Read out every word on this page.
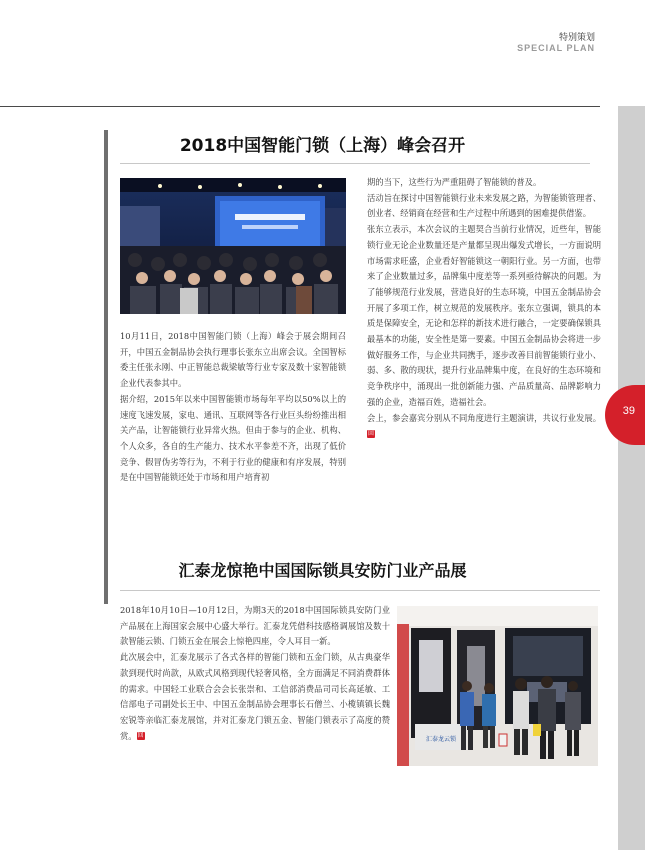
特别策划
SPECIAL PLAN
39
2018中国智能门锁（上海）峰会召开

10月11日，2018中国智能门锁（上海）峰会于展会期间召开，中国五金制品协会执行理事长张东立出席会议。全国智标委主任张永刚、中正智能总裁梁敏等行业专家及数十家智能锁企业代表参其中。

据介绍，2015年以来中国智能锁市场每年平均以50%以上的速度飞速发展，家电、通讯、互联网等各行业巨头纷纷推出相关产品，让智能锁行业异常火热。但由于参与的企业、机构、个人众多，各自的生产能力、技术水平参差不齐，出现了低价竞争、假冒伪劣等行为，不利于行业的健康和有序发展，特别是在中国智能锁还处于市场和用户培育初

期的当下，这些行为严重阻碍了智能锁的普及。

活动旨在探讨中国智能锁行业未来发展之路，为智能锁管理者、创业者、经销商在经营和生产过程中所遇到的困难提供借鉴。

张东立表示，本次会议的主题契合当前行业情况，近些年，智能锁行业无论企业数量还是产量都呈现出爆发式增长，一方面说明市场需求旺盛，企业看好智能锁这一朝阳行业。另一方面，也带来了企业数量过多，品牌集中度差等一系列亟待解决的问题。为了能够规范行业发展，营造良好的生态环境，中国五金制品协会开展了多项工作，树立规范的发展秩序。张东立强调，锁具的本质是保障安全，无论和怎样的新技术进行融合，一定要确保锁具最基本的功能，安全性是第一要素。中国五金制品协会将进一步做好服务工作，与企业共同携手，逐步改善目前智能锁行业小、弱、多、散的现状，提升行业品牌集中度，在良好的生态环境和竞争秩序中，涌现出一批创新能力强、产品质量高、品牌影响力强的企业，造福百姓，造福社会。

会上，参会嘉宾分别从不同角度进行主题演讲，共议行业发展。回

汇泰龙惊艳中国国际锁具安防门业产品展

2018年10月10日—10月12日，为期3天的2018中国国际锁具安防门业产品展在上海国家会展中心盛大举行。汇泰龙凭借科技感格调展馆及数十款智能云锁、门锁五金在展会上惊艳四座，令人耳目一新。

此次展会中，汇泰龙展示了各式各样的智能门锁和五金门锁，从古典豪华款到现代时尚款，从欧式风格到现代轻奢风格，全方面满足不同消费群体的需求。中国轻工业联合会会长张崇和、工信部消费品司司长高延敏、工信部电子司副处长王中、中国五金制品协会理事长石僧兰、小榄镇镇长魏宏锐等亲临汇泰龙展馆，并对汇泰龙门锁五金、智能门锁表示了高度的赞赏。回

汇泰龙云锁
